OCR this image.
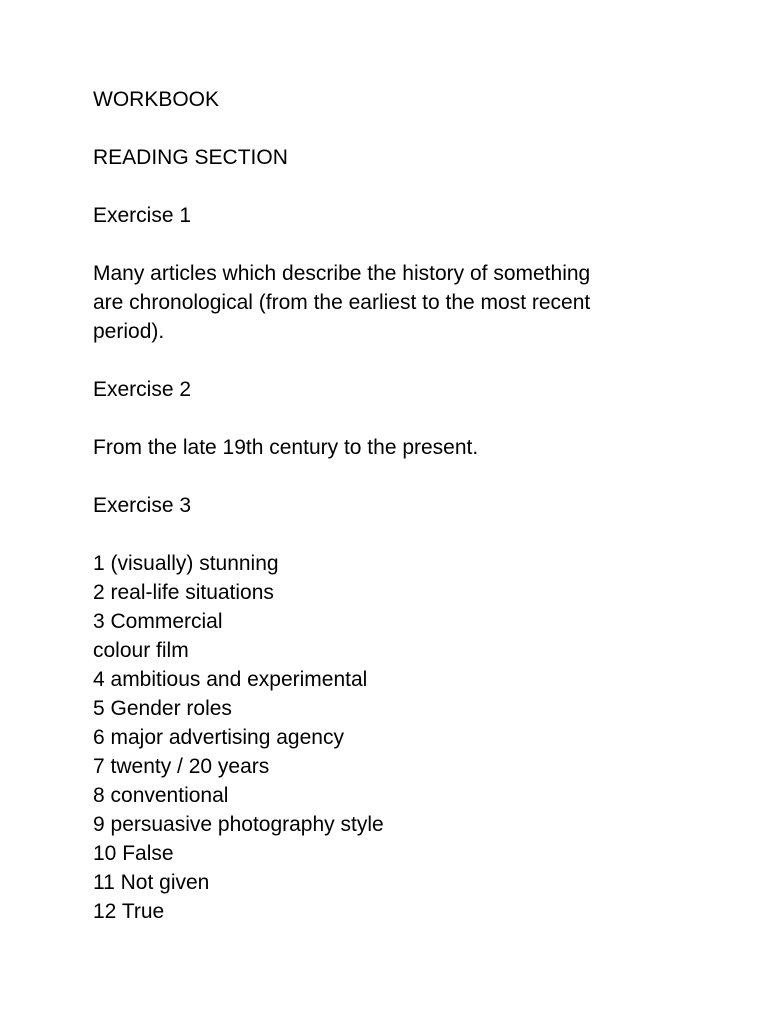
WORKBOOK
READING SECTION
Exercise 1
Many articles which describe the history of something
are chronological (from the earliest to the most recent
period).
Exercise 2
From the late 19th century to the present.
Exercise 3
1 (visually) stunning
2 real-life situations
3 Commercial
colour film
4 ambitious and experimental
5 Gender roles
6 major advertising agency
7 twenty / 20 years
8 conventional
9 persuasive photography style
10 False
11 Not given
12 True
